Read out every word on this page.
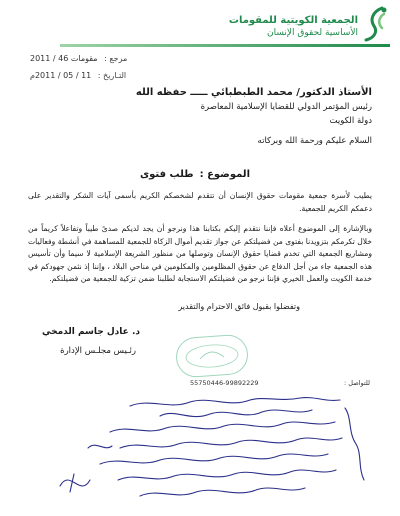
الجمعية الكويتية للمقومات
الأساسية لحقوق الإنسان
مرجع : مقومات 46 / 2011
التـاريخ : 11 / 05 / 2011م
الأستاذ الدكتور/ محمد الطبطبائي ـــــ حفظه الله
رئيس المؤتمر الدولي للقضايا الإسلامية المعاصرة
دولة الكويت
السلام عليكم ورحمة الله وبركاته
الموضوع :طلب فتوى

يطيب لأسرة جمعية مقومات حقوق الإنسان أن تتقدم لشخصكم الكريم بأسمى آيات الشكر والتقدير على دعمكم الكريم للجمعية.

وبالإشارة إلى الموضوع أعلاه فإننا نتقدم إليكم بكتابنا هذا ونرجو أن يجد لديكم صدىً طيباً وتفاعلاً كريماً من خلال تكرمكم بتزويدنا بفتوى من فضيلتكم عن جواز تقديم أموال الزكاة للجمعية للمساهمة في أنشطة وفعاليات ومشاريع الجمعية التي تخدم قضايا حقوق الإنسان وتوصلها من منظور الشريعة الإسلامية لا سيما وأن تأسيس هذه الجمعية جاء من أجل الدفاع عن حقوق المظلومين والمكلومين في مناحي البلاد ، وإننا إذ نثمن جهودكم في خدمة الكويت والعمل الخيري فإننا نرجو من فضيلتكم الاستجابة لطلبنا ضمن تزكية للجمعية من فضيلتكم.

وتفضلوا بقبول فائق الاحترام والتقدير
د. عادل جاسم الدمخي
رئـيس مجلـس الإدارة
للتواصل :
55750446-99892229
